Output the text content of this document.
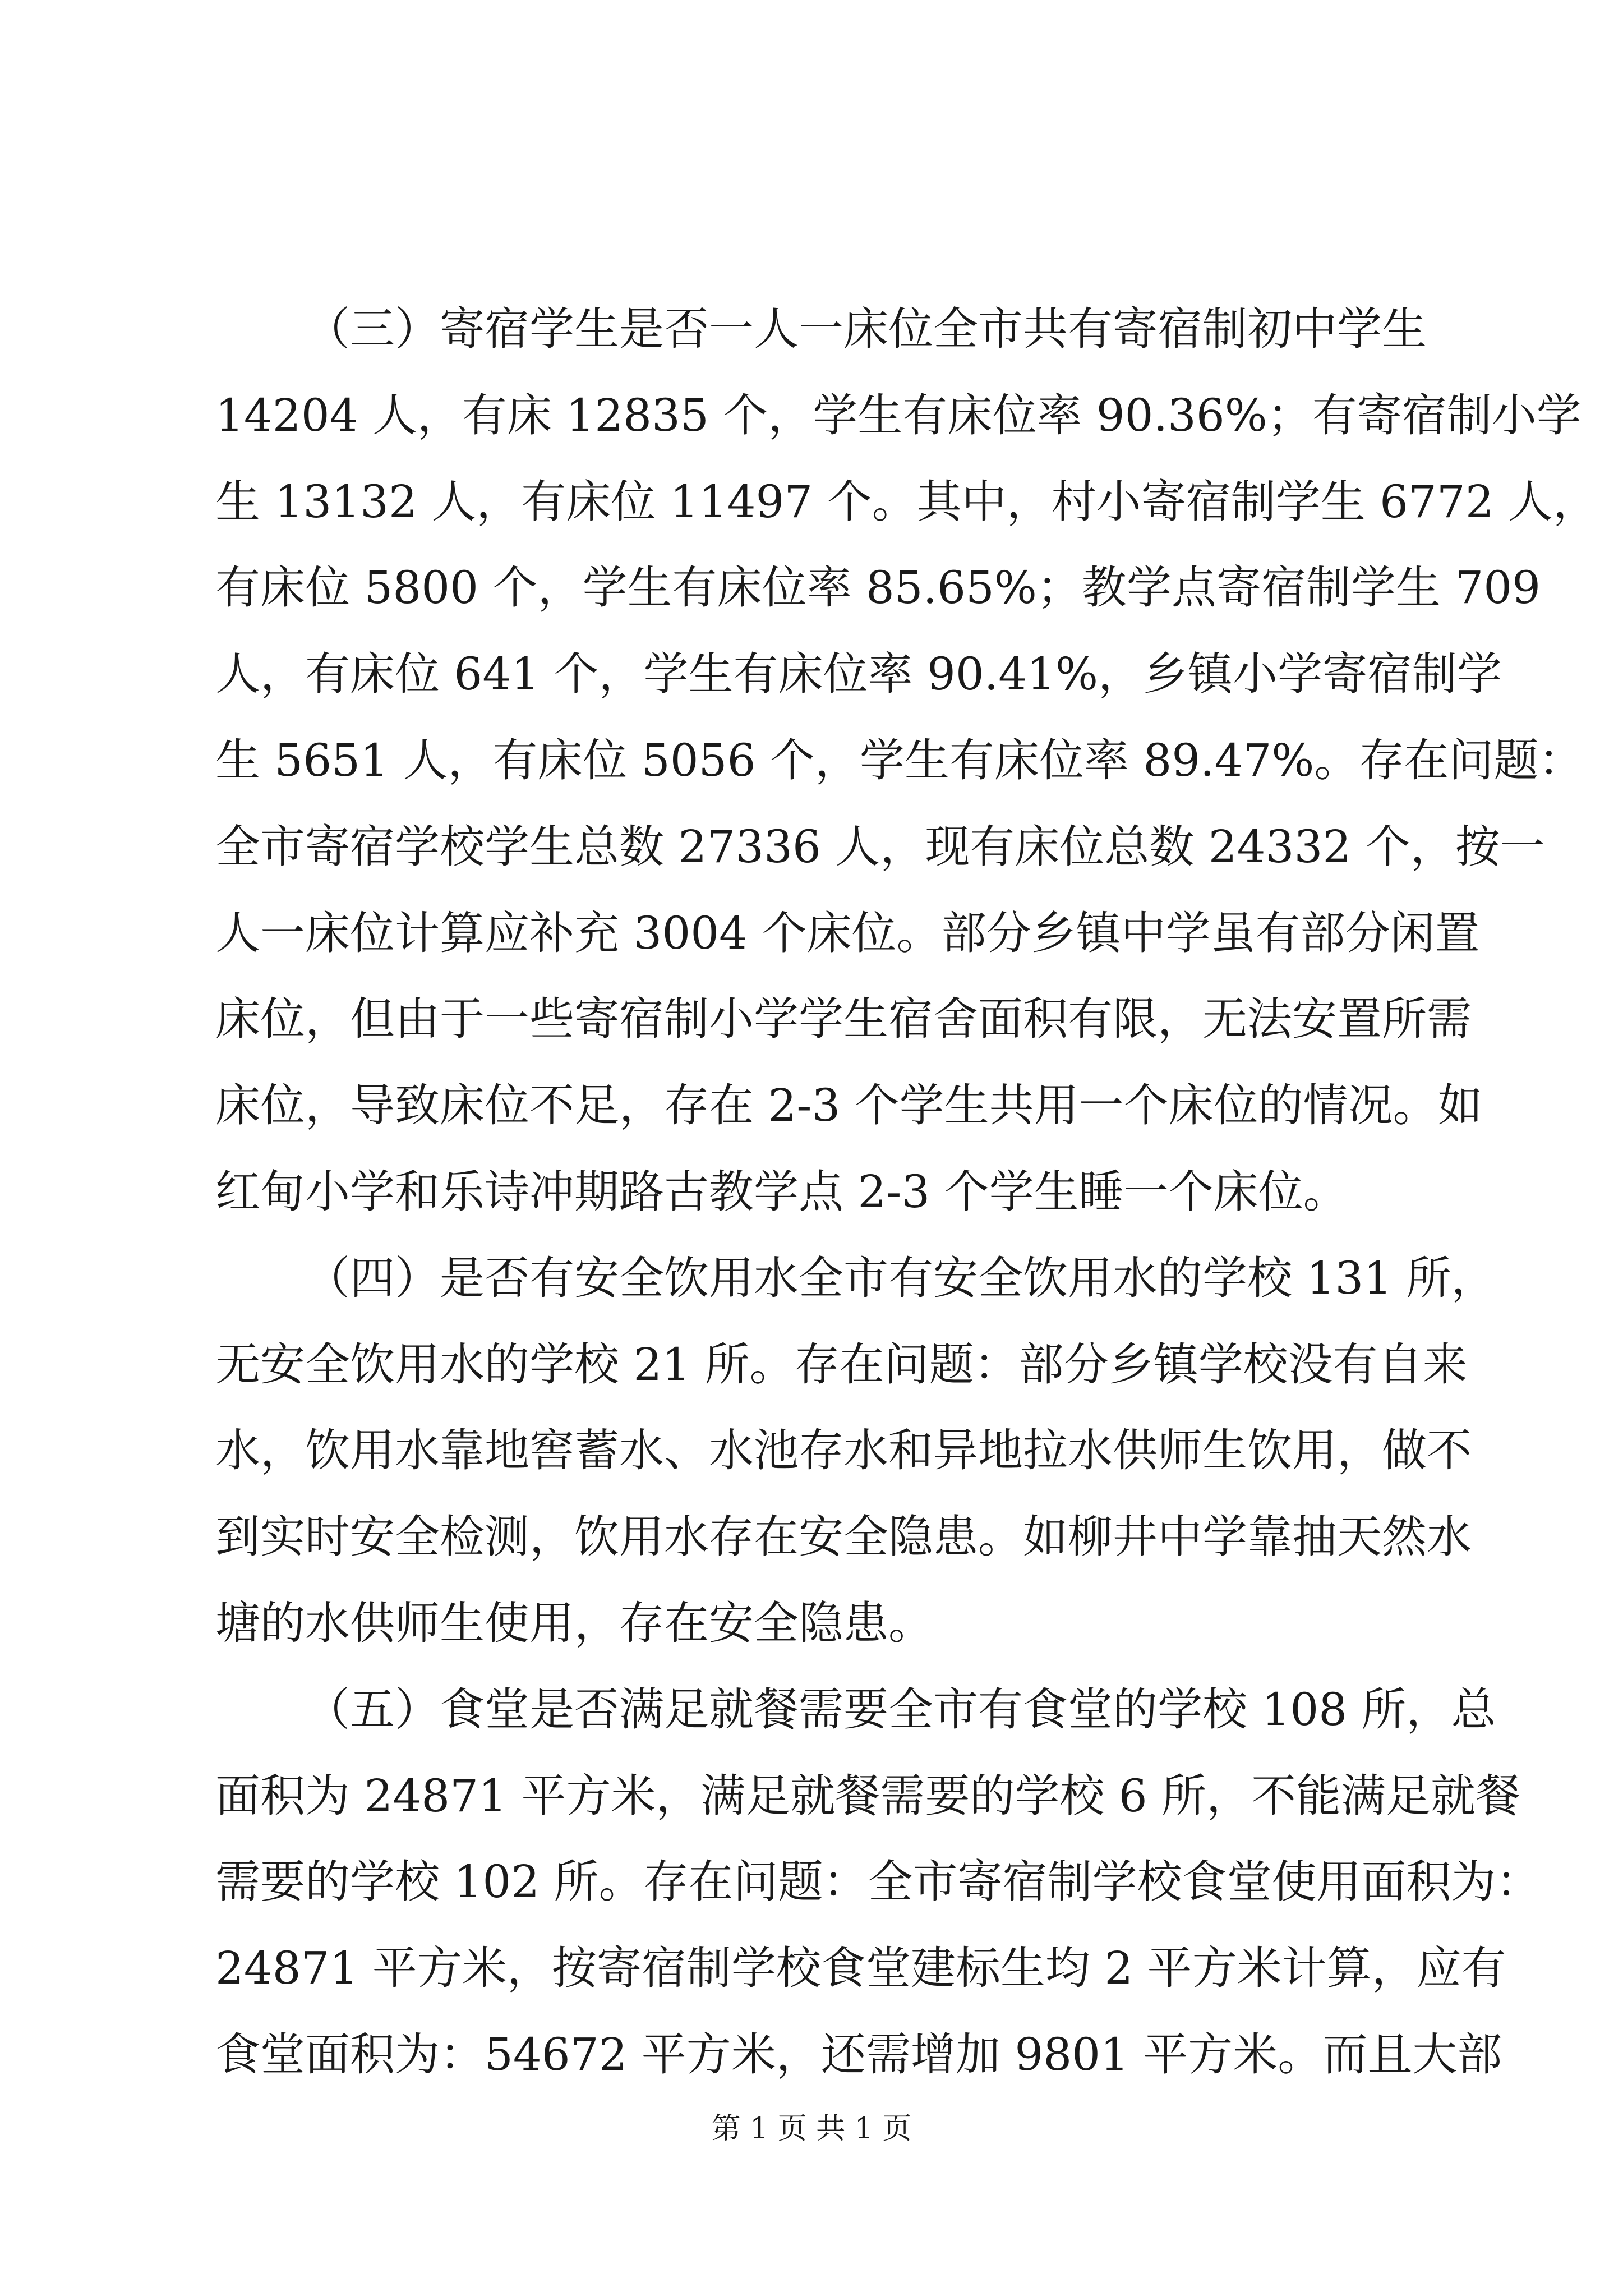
（三）寄宿学生是否一人一床位全市共有寄宿制初中学生
14204 人，有床 12835 个，学生有床位率 90.36%；有寄宿制小学
生 13132 人，有床位 11497 个。其中，村小寄宿制学生 6772 人，
有床位 5800 个，学生有床位率 85.65%；教学点寄宿制学生 709
人，有床位 641 个，学生有床位率 90.41%，乡镇小学寄宿制学
生 5651 人，有床位 5056 个，学生有床位率 89.47%。存在问题：
全市寄宿学校学生总数 27336 人，现有床位总数 24332 个，按一
人一床位计算应补充 3004 个床位。部分乡镇中学虽有部分闲置
床位，但由于一些寄宿制小学学生宿舍面积有限，无法安置所需
床位，导致床位不足，存在 2-3 个学生共用一个床位的情况。如
红甸小学和乐诗冲期路古教学点 2-3 个学生睡一个床位。
（四）是否有安全饮用水全市有安全饮用水的学校 131 所，
无安全饮用水的学校 21 所。存在问题：部分乡镇学校没有自来
水，饮用水靠地窖蓄水、水池存水和异地拉水供师生饮用，做不
到实时安全检测，饮用水存在安全隐患。如柳井中学靠抽天然水
塘的水供师生使用，存在安全隐患。
（五）食堂是否满足就餐需要全市有食堂的学校 108 所，总
面积为 24871 平方米，满足就餐需要的学校 6 所，不能满足就餐
需要的学校 102 所。存在问题：全市寄宿制学校食堂使用面积为：
24871 平方米，按寄宿制学校食堂建标生均 2 平方米计算，应有
食堂面积为：54672 平方米，还需增加 9801 平方米。而且大部
第 1 页 共 1 页
